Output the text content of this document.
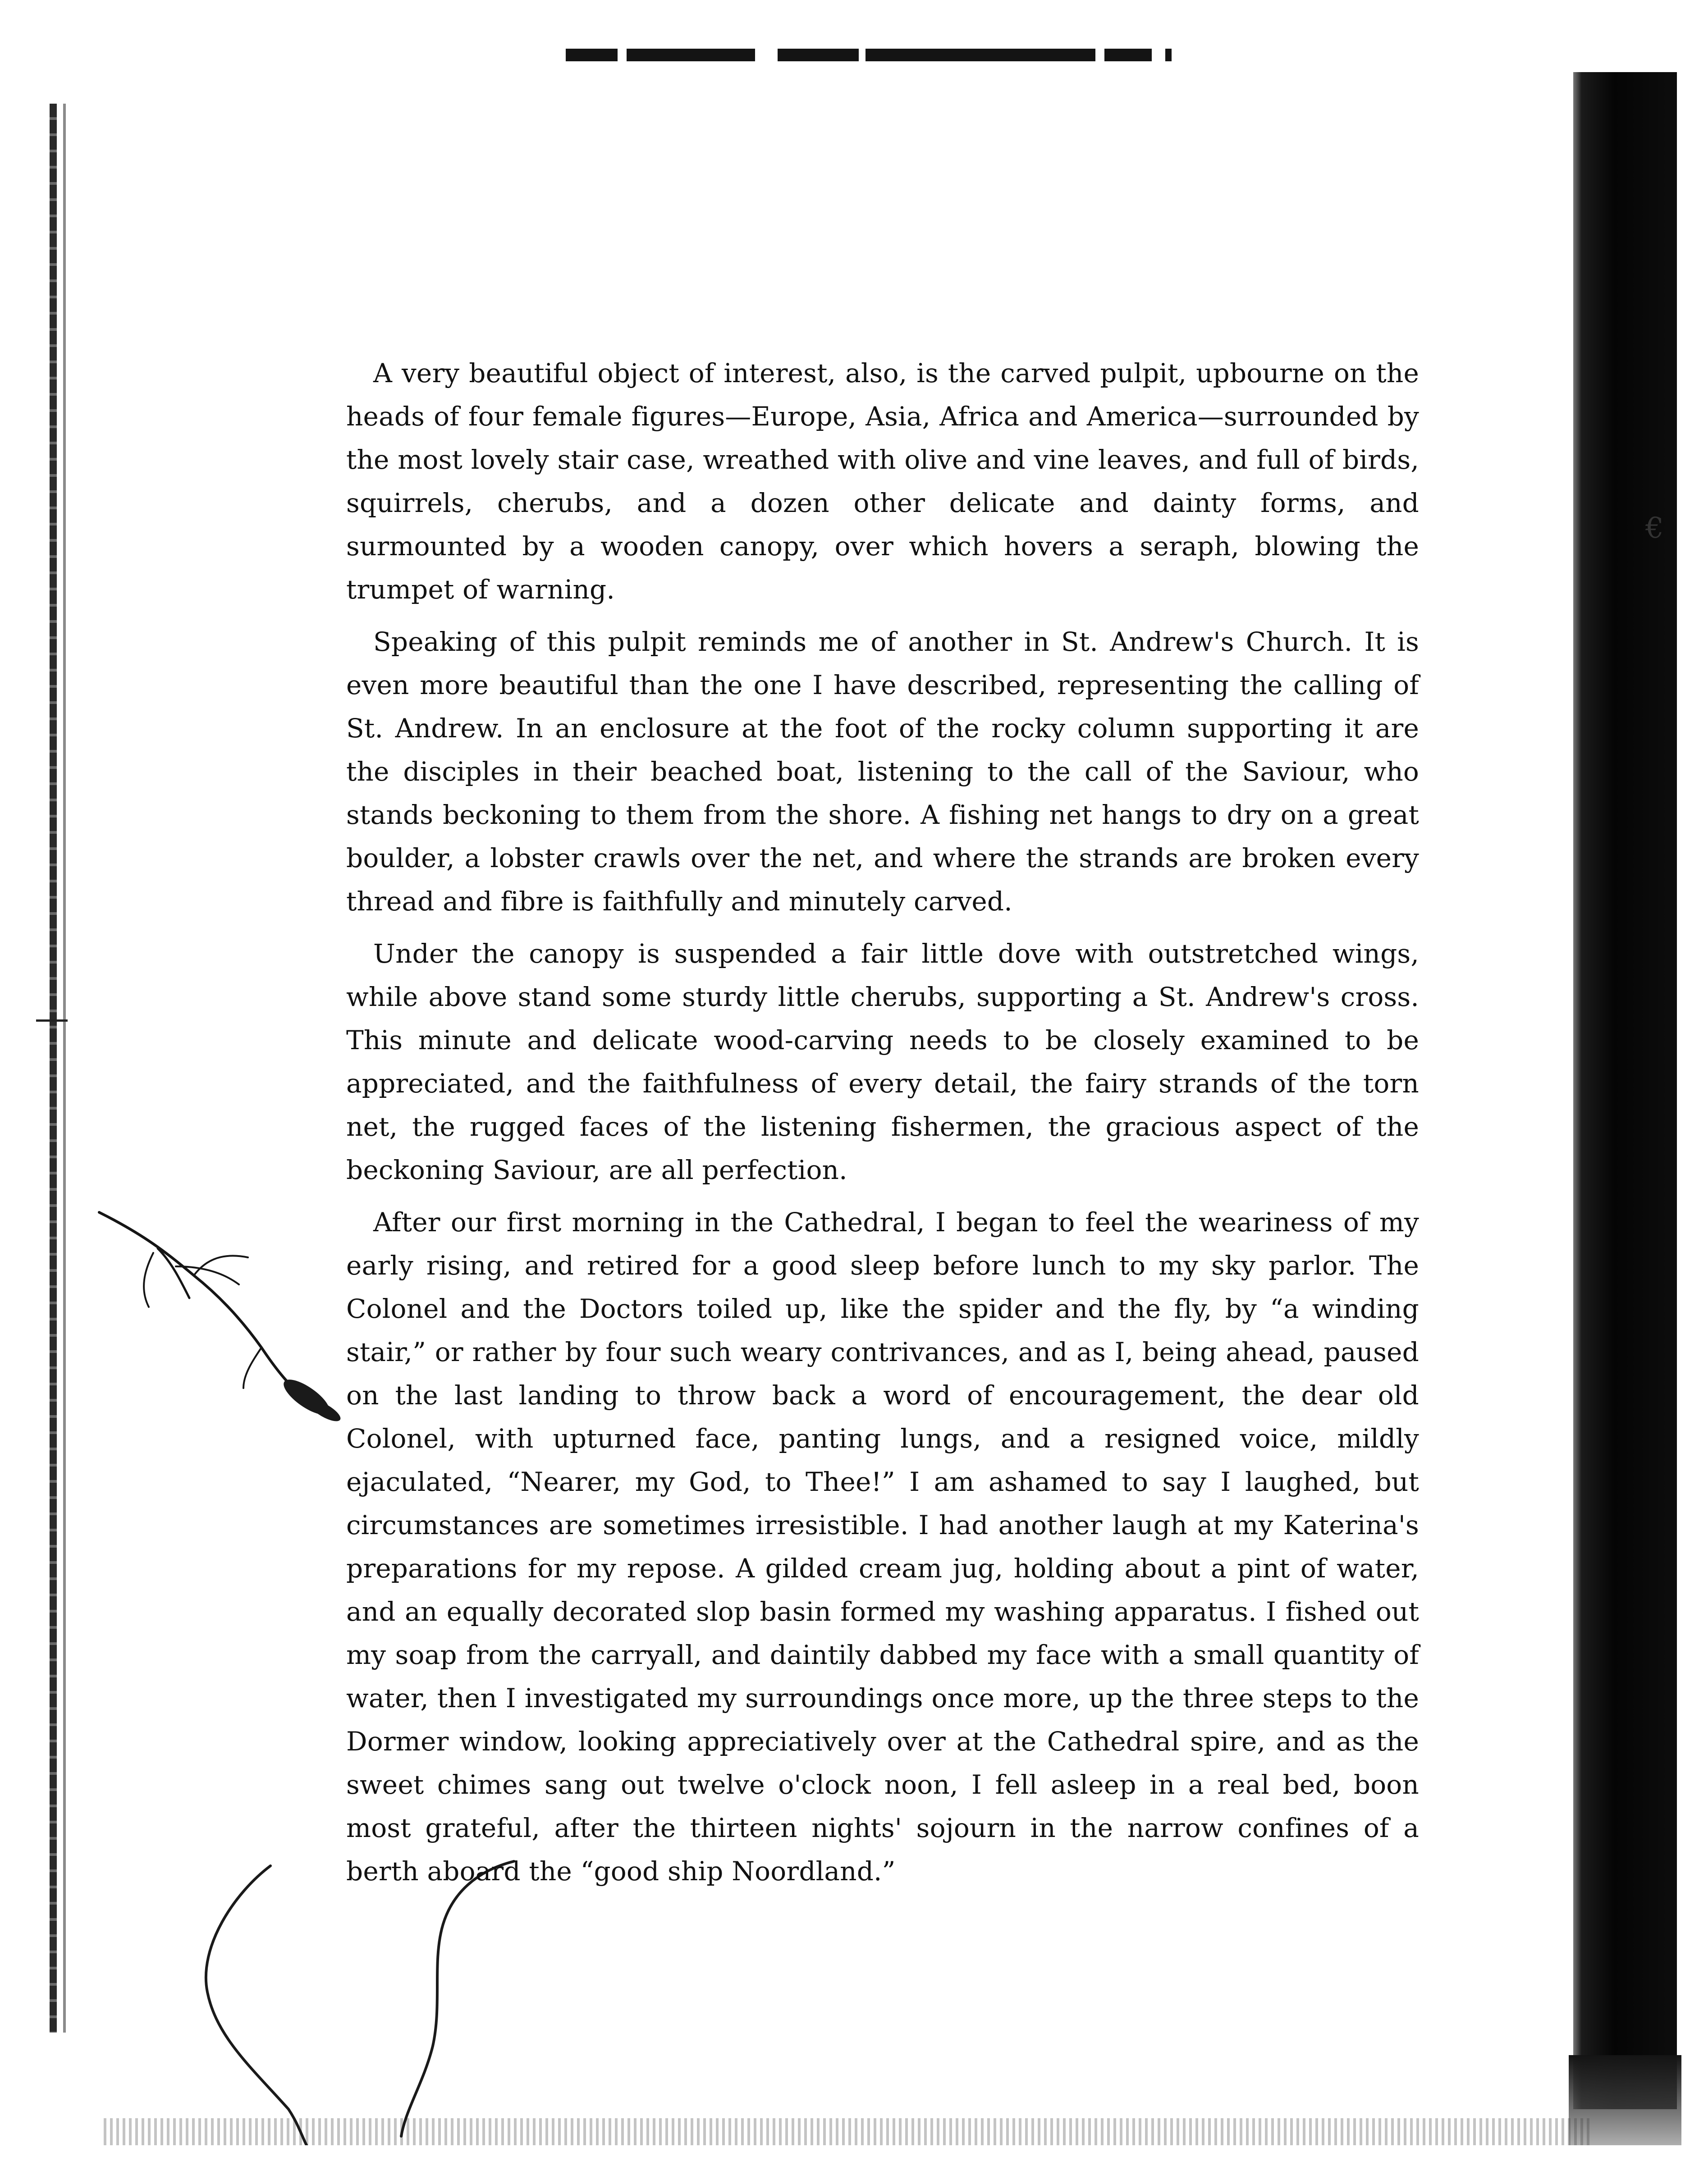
€

A very beautiful object of interest, also, is the carved pulpit, upbourne on the heads of four female figures—Europe, Asia, Africa and America—surrounded by the most lovely stair case, wreathed with olive and vine leaves, and full of birds, squirrels, cherubs, and a dozen other delicate and dainty forms, and surmounted by a wooden canopy, over which hovers a seraph, blowing the trumpet of warning.

Speaking of this pulpit reminds me of another in St. Andrew's Church. It is even more beautiful than the one I have described, representing the calling of St. Andrew. In an enclosure at the foot of the rocky column supporting it are the disciples in their beached boat, listening to the call of the Saviour, who stands beckoning to them from the shore. A fishing net hangs to dry on a great boulder, a lobster crawls over the net, and where the strands are broken every thread and fibre is faithfully and minutely carved.

Under the canopy is suspended a fair little dove with outstretched wings, while above stand some sturdy little cherubs, supporting a St. Andrew's cross. This minute and delicate wood-carving needs to be closely examined to be appreciated, and the faithfulness of every detail, the fairy strands of the torn net, the rugged faces of the listening fishermen, the gracious aspect of the beckoning Saviour, are all perfection.

After our first morning in the Cathedral, I began to feel the weariness of my early rising, and retired for a good sleep before lunch to my sky parlor. The Colonel and the Doctors toiled up, like the spider and the fly, by “a winding stair,” or rather by four such weary contrivances, and as I, being ahead, paused on the last landing to throw back a word of encouragement, the dear old Colonel, with upturned face, panting lungs, and a resigned voice, mildly ejaculated, “Nearer, my God, to Thee!” I am ashamed to say I laughed, but circumstances are sometimes irresistible. I had another laugh at my Katerina's preparations for my repose. A gilded cream jug, holding about a pint of water, and an equally decorated slop basin formed my washing apparatus. I fished out my soap from the carryall, and daintily dabbed my face with a small quantity of water, then I investigated my surroundings once more, up the three steps to the Dormer window, looking appreciatively over at the Cathedral spire, and as the sweet chimes sang out twelve o'clock noon, I fell asleep in a real bed, boon most grateful, after the thirteen nights' sojourn in the narrow confines of a berth aboard the “good ship Noordland.”
